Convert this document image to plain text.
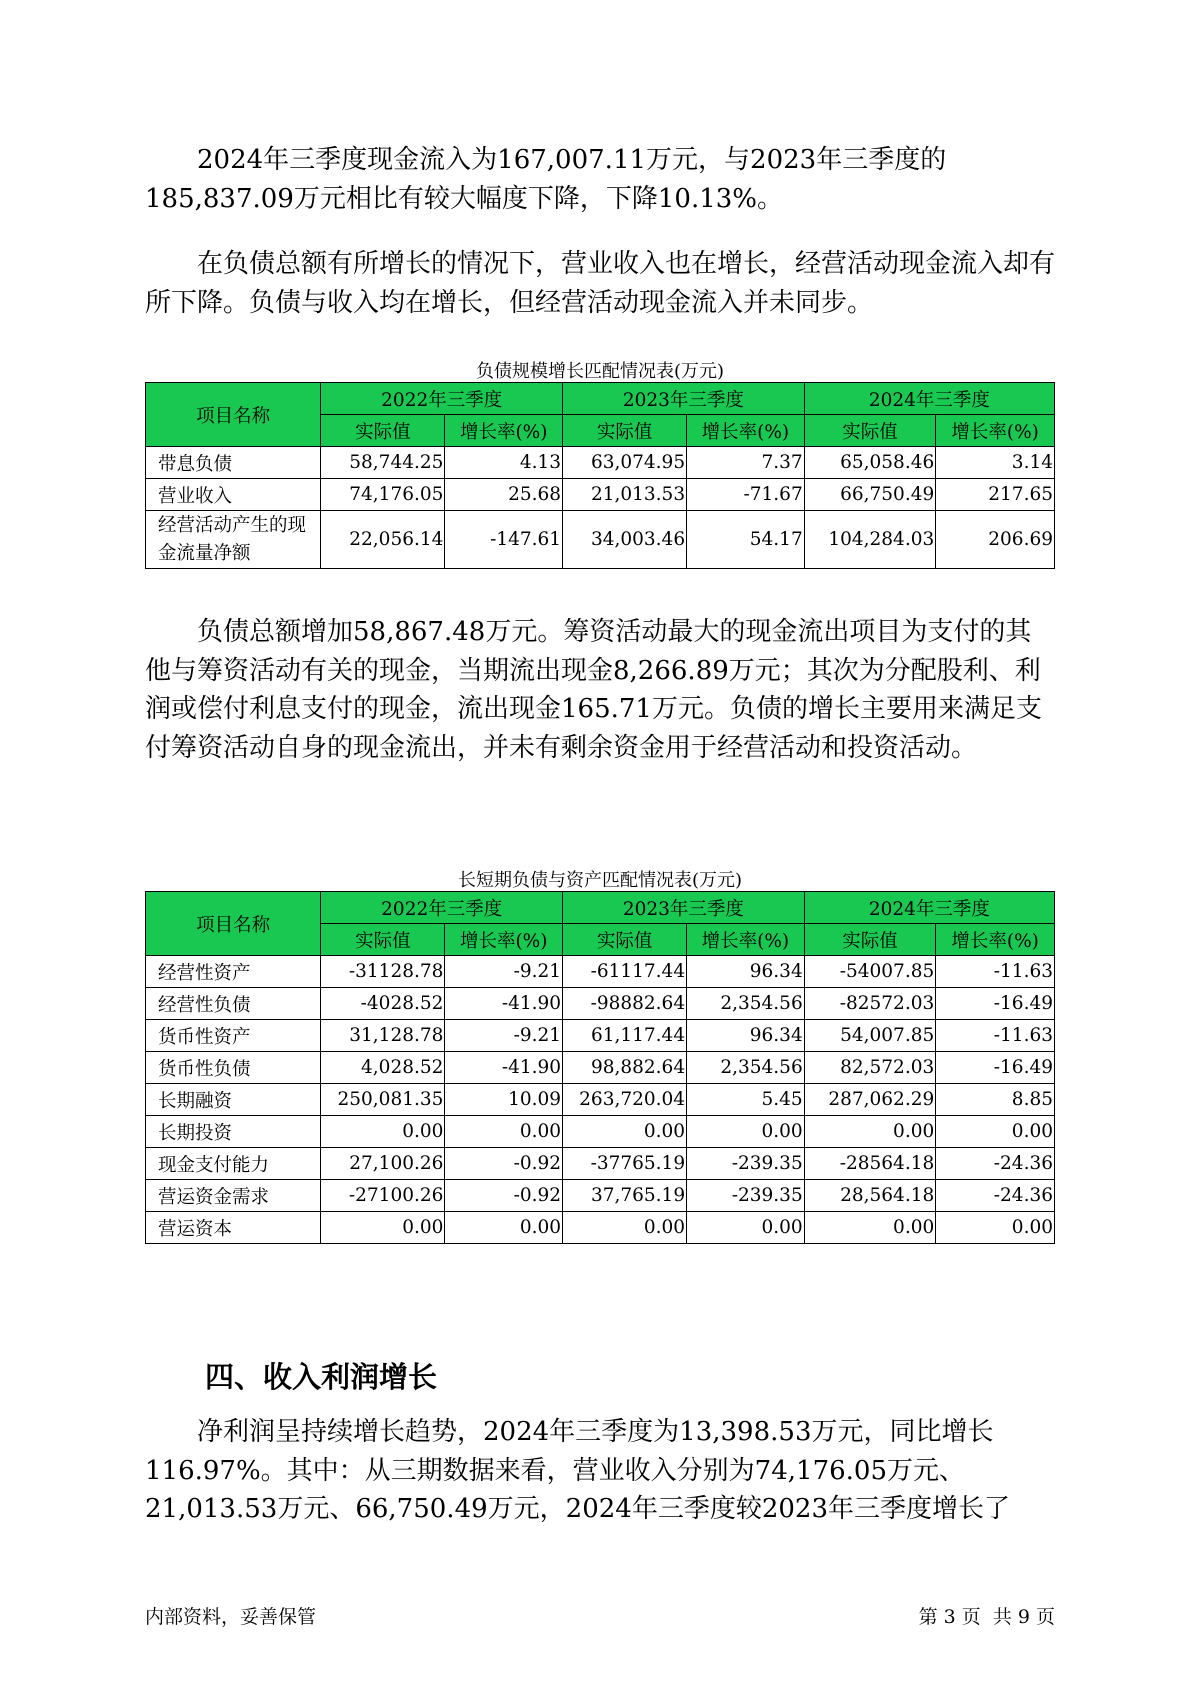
2024年三季度现金流入为167,007.11万元，与2023年三季度的185,837.09万元相比有较大幅度下降，下降10.13%。

在负债总额有所增长的情况下，营业收入也在增长，经营活动现金流入却有所下降。负债与收入均在增长，但经营活动现金流入并未同步。

负债规模增长匹配情况表(万元)
项目名称	2022年三季度		2023年三季度		2024年三季度	
	实际值	增长率(%)	实际值	增长率(%)	实际值	增长率(%)
带息负债	58,744.25	4.13	63,074.95	7.37	65,058.46	3.14
营业收入	74,176.05	25.68	21,013.53	-71.67	66,750.49	217.65
经营活动产生的现金流量净额	22,056.14	-147.61	34,003.46	54.17	104,284.03	206.69

负债总额增加58,867.48万元。筹资活动最大的现金流出项目为支付的其他与筹资活动有关的现金，当期流出现金8,266.89万元；其次为分配股利、利润或偿付利息支付的现金，流出现金165.71万元。负债的增长主要用来满足支付筹资活动自身的现金流出，并未有剩余资金用于经营活动和投资活动。

长短期负债与资产匹配情况表(万元)
项目名称	2022年三季度		2023年三季度		2024年三季度	
	实际值	增长率(%)	实际值	增长率(%)	实际值	增长率(%)
经营性资产	-31128.78	-9.21	-61117.44	96.34	-54007.85	-11.63
经营性负债	-4028.52	-41.90	-98882.64	2,354.56	-82572.03	-16.49
货币性资产	31,128.78	-9.21	61,117.44	96.34	54,007.85	-11.63
货币性负债	4,028.52	-41.90	98,882.64	2,354.56	82,572.03	-16.49
长期融资	250,081.35	10.09	263,720.04	5.45	287,062.29	8.85
长期投资	0.00	0.00	0.00	0.00	0.00	0.00
现金支付能力	27,100.26	-0.92	-37765.19	-239.35	-28564.18	-24.36
营运资金需求	-27100.26	-0.92	37,765.19	-239.35	28,564.18	-24.36
营运资本	0.00	0.00	0.00	0.00	0.00	0.00
四、收入利润增长

净利润呈持续增长趋势，2024年三季度为13,398.53万元，同比增长116.97%。其中：从三期数据来看，营业收入分别为74,176.05万元、21,013.53万元、66,750.49万元，2024年三季度较2023年三季度增长了

内部资料，妥善保管	第 3 页  共 9 页
